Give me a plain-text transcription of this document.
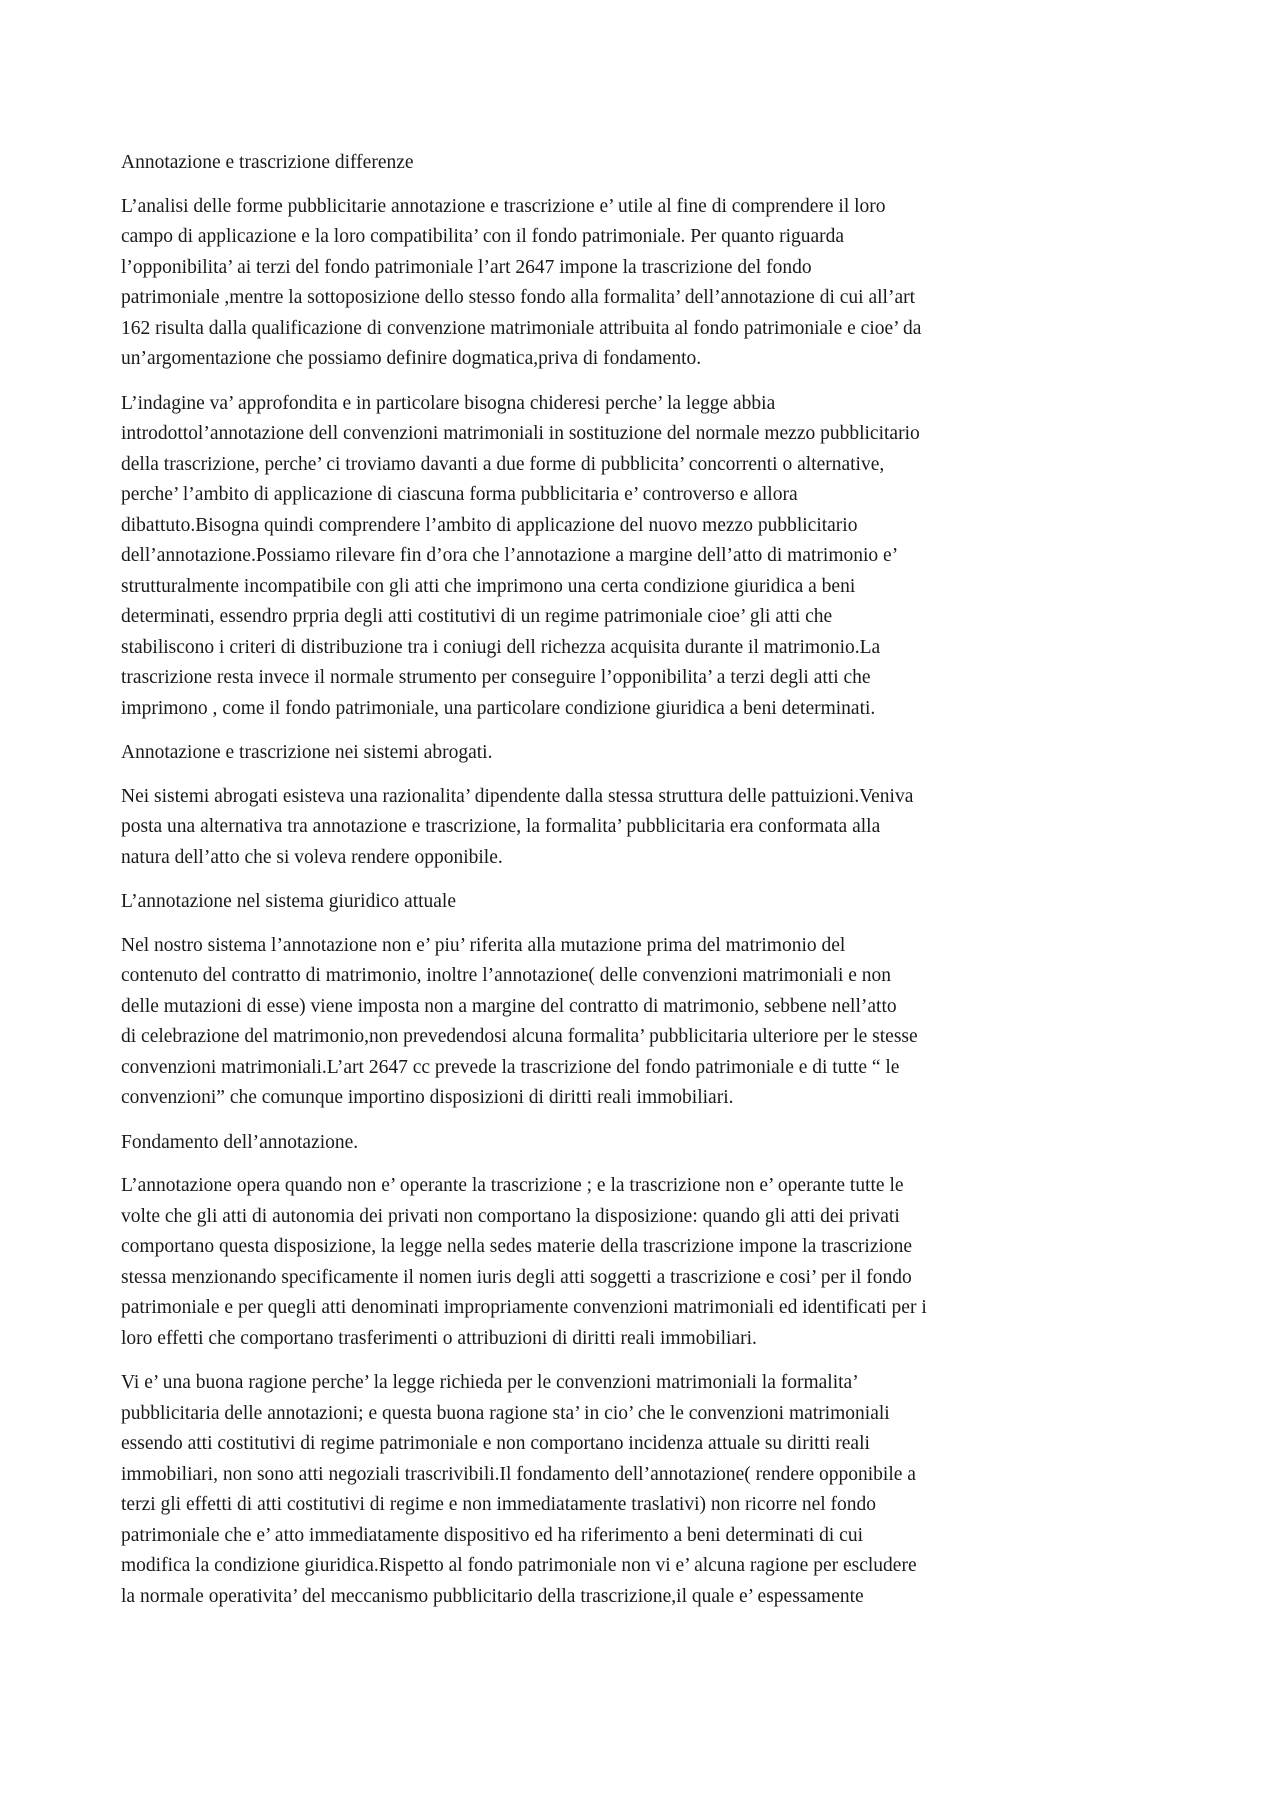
Annotazione e trascrizione differenze
L’analisi delle forme pubblicitarie annotazione e trascrizione e’ utile al fine di comprendere il loro
campo di applicazione e la loro compatibilita’ con il fondo patrimoniale. Per quanto riguarda
l’opponibilita’ ai terzi del fondo patrimoniale l’art 2647 impone la trascrizione del fondo
patrimoniale ,mentre la sottoposizione dello stesso fondo alla formalita’ dell’annotazione di cui all’art
162 risulta dalla qualificazione di convenzione matrimoniale attribuita al fondo patrimoniale e cioe’ da
un’argomentazione che possiamo definire dogmatica,priva di fondamento.
L’indagine va’ approfondita e in particolare bisogna chideresi perche’ la legge abbia
introdottol’annotazione dell convenzioni matrimoniali in sostituzione del normale mezzo pubblicitario
della trascrizione, perche’ ci troviamo davanti a due forme di pubblicita’ concorrenti o alternative,
perche’ l’ambito di applicazione di ciascuna forma pubblicitaria e’ controverso e allora
dibattuto.Bisogna quindi comprendere l’ambito di applicazione del nuovo mezzo pubblicitario
dell’annotazione.Possiamo rilevare fin d’ora che l’annotazione a margine dell’atto di matrimonio e’
strutturalmente incompatibile con gli atti che imprimono una certa condizione giuridica a beni
determinati, essendro prpria degli atti costitutivi di un regime patrimoniale cioe’ gli atti che
stabiliscono i criteri di distribuzione tra i coniugi dell richezza acquisita durante il matrimonio.La
trascrizione resta invece il normale strumento per conseguire l’opponibilita’ a terzi degli atti che
imprimono , come il fondo patrimoniale, una particolare condizione giuridica a beni determinati.
Annotazione e trascrizione nei sistemi abrogati.
Nei sistemi abrogati esisteva una razionalita’ dipendente dalla stessa struttura delle pattuizioni.Veniva
posta una alternativa tra annotazione e trascrizione, la formalita’ pubblicitaria era conformata alla
natura dell’atto che si voleva rendere opponibile.
L’annotazione nel sistema giuridico attuale
Nel nostro sistema l’annotazione non e’ piu’ riferita alla mutazione prima del matrimonio del
contenuto del contratto di matrimonio, inoltre l’annotazione( delle convenzioni matrimoniali e non
delle mutazioni di esse) viene imposta non a margine del contratto di matrimonio, sebbene nell’atto
di celebrazione del matrimonio,non prevedendosi alcuna formalita’ pubblicitaria ulteriore per le stesse
convenzioni matrimoniali.L’art 2647 cc prevede la trascrizione del fondo patrimoniale e di tutte “ le
convenzioni” che comunque importino disposizioni di diritti reali immobiliari.
Fondamento dell’annotazione.
L’annotazione opera quando non e’ operante la trascrizione ; e la trascrizione non e’ operante tutte le
volte che gli atti di autonomia dei privati non comportano la disposizione: quando gli atti dei privati
comportano questa disposizione, la legge nella sedes materie della trascrizione impone la trascrizione
stessa menzionando specificamente il nomen iuris degli atti soggetti a trascrizione e cosi’ per il fondo
patrimoniale e per quegli atti denominati impropriamente convenzioni matrimoniali ed identificati per i
loro effetti che comportano trasferimenti o attribuzioni di diritti reali immobiliari.
Vi e’ una buona ragione perche’ la legge richieda per le convenzioni matrimoniali la formalita’
pubblicitaria delle annotazioni; e questa buona ragione sta’ in cio’ che le convenzioni matrimoniali
essendo atti costitutivi di regime patrimoniale e non comportano incidenza attuale su diritti reali
immobiliari, non sono atti negoziali trascrivibili.Il fondamento dell’annotazione( rendere opponibile a
terzi gli effetti di atti costitutivi di regime e non immediatamente traslativi) non ricorre nel fondo
patrimoniale che e’ atto immediatamente dispositivo ed ha riferimento a beni determinati di cui
modifica la condizione giuridica.Rispetto al fondo patrimoniale non vi e’ alcuna ragione per escludere
la normale operativita’ del meccanismo pubblicitario della trascrizione,il quale e’ espessamente
